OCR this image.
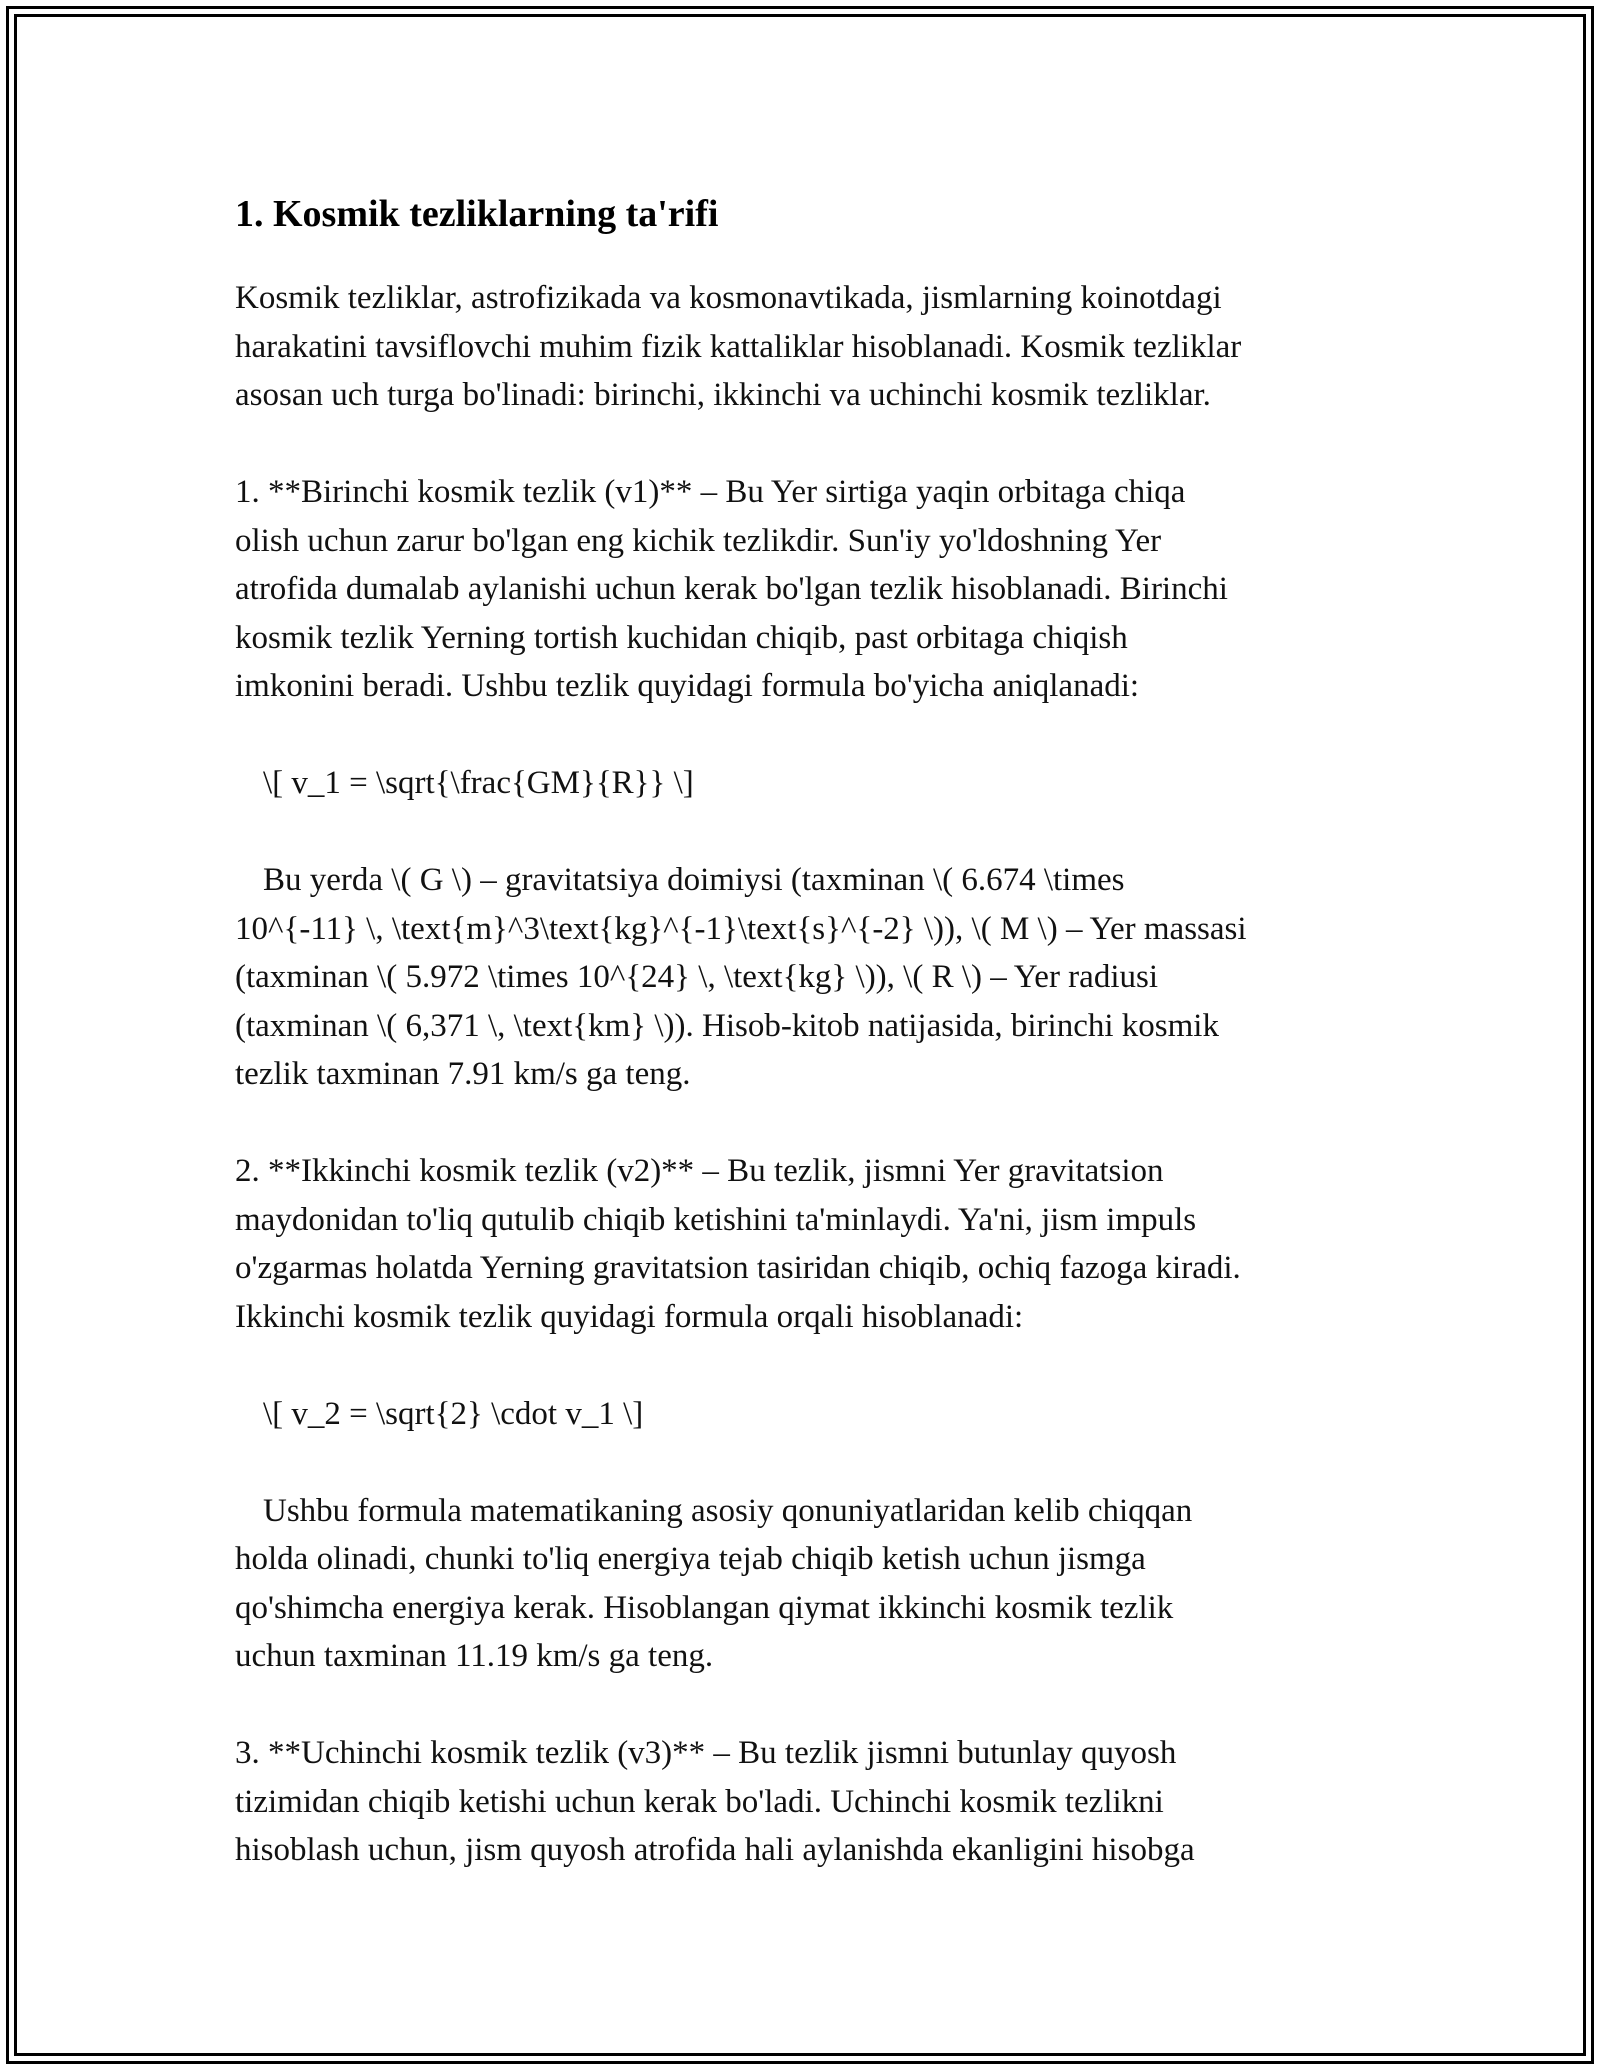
1. Kosmik tezliklarning ta'rifi

Kosmik tezliklar, astrofizikada va kosmonavtikada, jismlarning koinotdagi
harakatini tavsiflovchi muhim fizik kattaliklar hisoblanadi. Kosmik tezliklar
asosan uch turga bo'linadi: birinchi, ikkinchi va uchinchi kosmik tezliklar.

1. **Birinchi kosmik tezlik (v1)** – Bu Yer sirtiga yaqin orbitaga chiqa
olish uchun zarur bo'lgan eng kichik tezlikdir. Sun'iy yo'ldoshning Yer
atrofida dumalab aylanishi uchun kerak bo'lgan tezlik hisoblanadi. Birinchi
kosmik tezlik Yerning tortish kuchidan chiqib, past orbitaga chiqish
imkonini beradi. Ushbu tezlik quyidagi formula bo'yicha aniqlanadi:

\[ v_1 = \sqrt{\frac{GM}{R}} \]

Bu yerda \( G \) – gravitatsiya doimiysi (taxminan \( 6.674 \times
10^{-11} \, \text{m}^3\text{kg}^{-1}\text{s}^{-2} \)), \( M \) – Yer massasi
(taxminan \( 5.972 \times 10^{24} \, \text{kg} \)), \( R \) – Yer radiusi
(taxminan \( 6,371 \, \text{km} \)). Hisob-kitob natijasida, birinchi kosmik
tezlik taxminan 7.91 km/s ga teng.

2. **Ikkinchi kosmik tezlik (v2)** – Bu tezlik, jismni Yer gravitatsion
maydonidan to'liq qutulib chiqib ketishini ta'minlaydi. Ya'ni, jism impuls
o'zgarmas holatda Yerning gravitatsion tasiridan chiqib, ochiq fazoga kiradi.
Ikkinchi kosmik tezlik quyidagi formula orqali hisoblanadi:

\[ v_2 = \sqrt{2} \cdot v_1 \]

Ushbu formula matematikaning asosiy qonuniyatlaridan kelib chiqqan
holda olinadi, chunki to'liq energiya tejab chiqib ketish uchun jismga
qo'shimcha energiya kerak. Hisoblangan qiymat ikkinchi kosmik tezlik
uchun taxminan 11.19 km/s ga teng.

3. **Uchinchi kosmik tezlik (v3)** – Bu tezlik jismni butunlay quyosh
tizimidan chiqib ketishi uchun kerak bo'ladi. Uchinchi kosmik tezlikni
hisoblash uchun, jism quyosh atrofida hali aylanishda ekanligini hisobga
